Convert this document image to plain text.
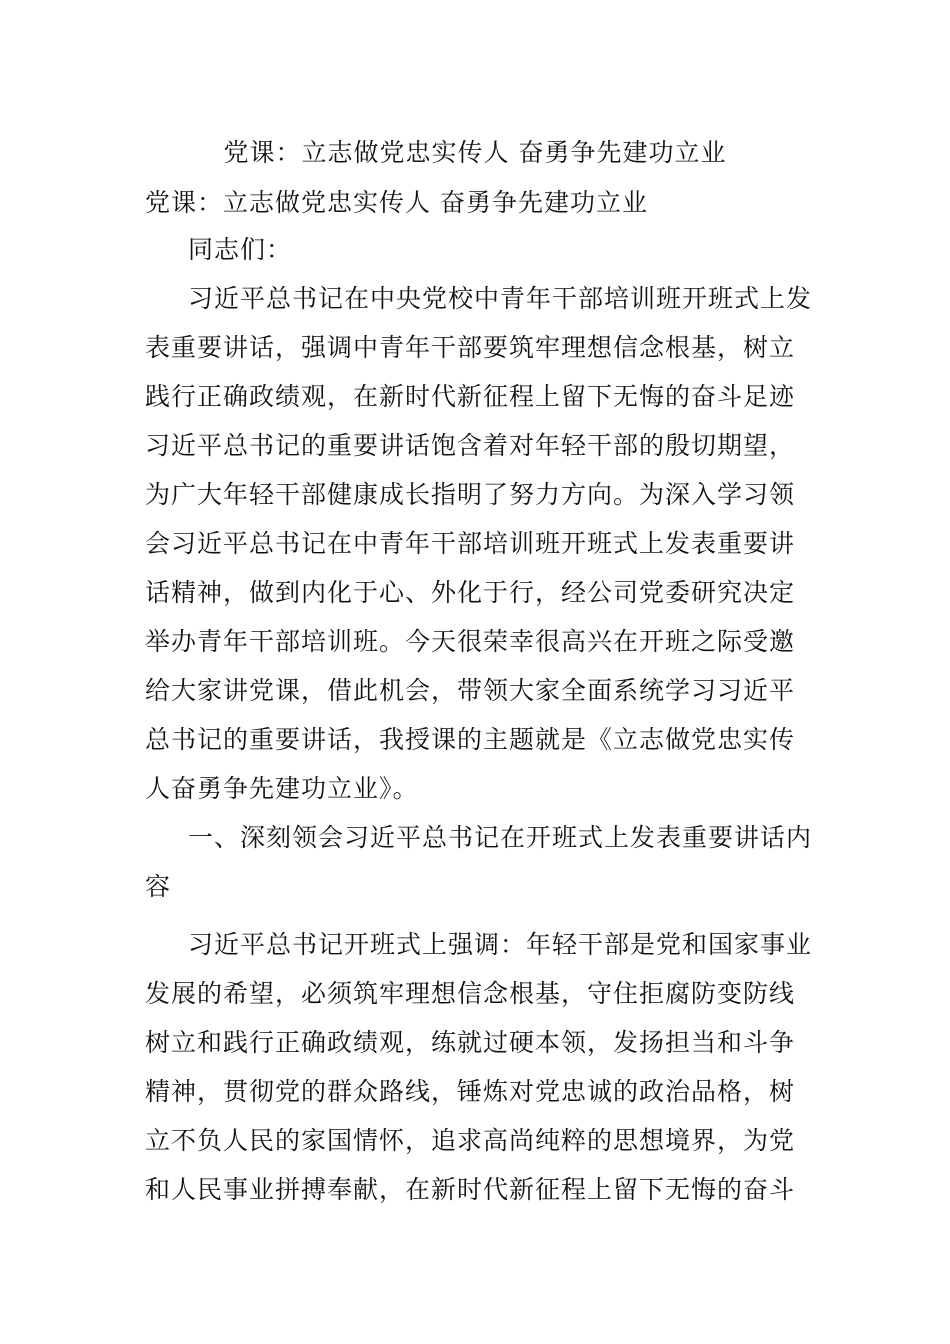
党课：立志做党忠实传人 奋勇争先建功立业
党课：立志做党忠实传人 奋勇争先建功立业
同志们：
习近平总书记在中央党校中青年干部培训班开班式上发
表重要讲话，强调中青年干部要筑牢理想信念根基，树立
践行正确政绩观，在新时代新征程上留下无悔的奋斗足迹
习近平总书记的重要讲话饱含着对年轻干部的殷切期望，
为广大年轻干部健康成长指明了努力方向。为深入学习领
会习近平总书记在中青年干部培训班开班式上发表重要讲
话精神，做到内化于心、外化于行，经公司党委研究决定
举办青年干部培训班。今天很荣幸很高兴在开班之际受邀
给大家讲党课，借此机会，带领大家全面系统学习习近平
总书记的重要讲话，我授课的主题就是《立志做党忠实传
人奋勇争先建功立业》。
一、深刻领会习近平总书记在开班式上发表重要讲话内
容
习近平总书记开班式上强调：年轻干部是党和国家事业
发展的希望，必须筑牢理想信念根基，守住拒腐防变防线
树立和践行正确政绩观，练就过硬本领，发扬担当和斗争
精神，贯彻党的群众路线，锤炼对党忠诚的政治品格，树
立不负人民的家国情怀，追求高尚纯粹的思想境界，为党
和人民事业拼搏奉献，在新时代新征程上留下无悔的奋斗
